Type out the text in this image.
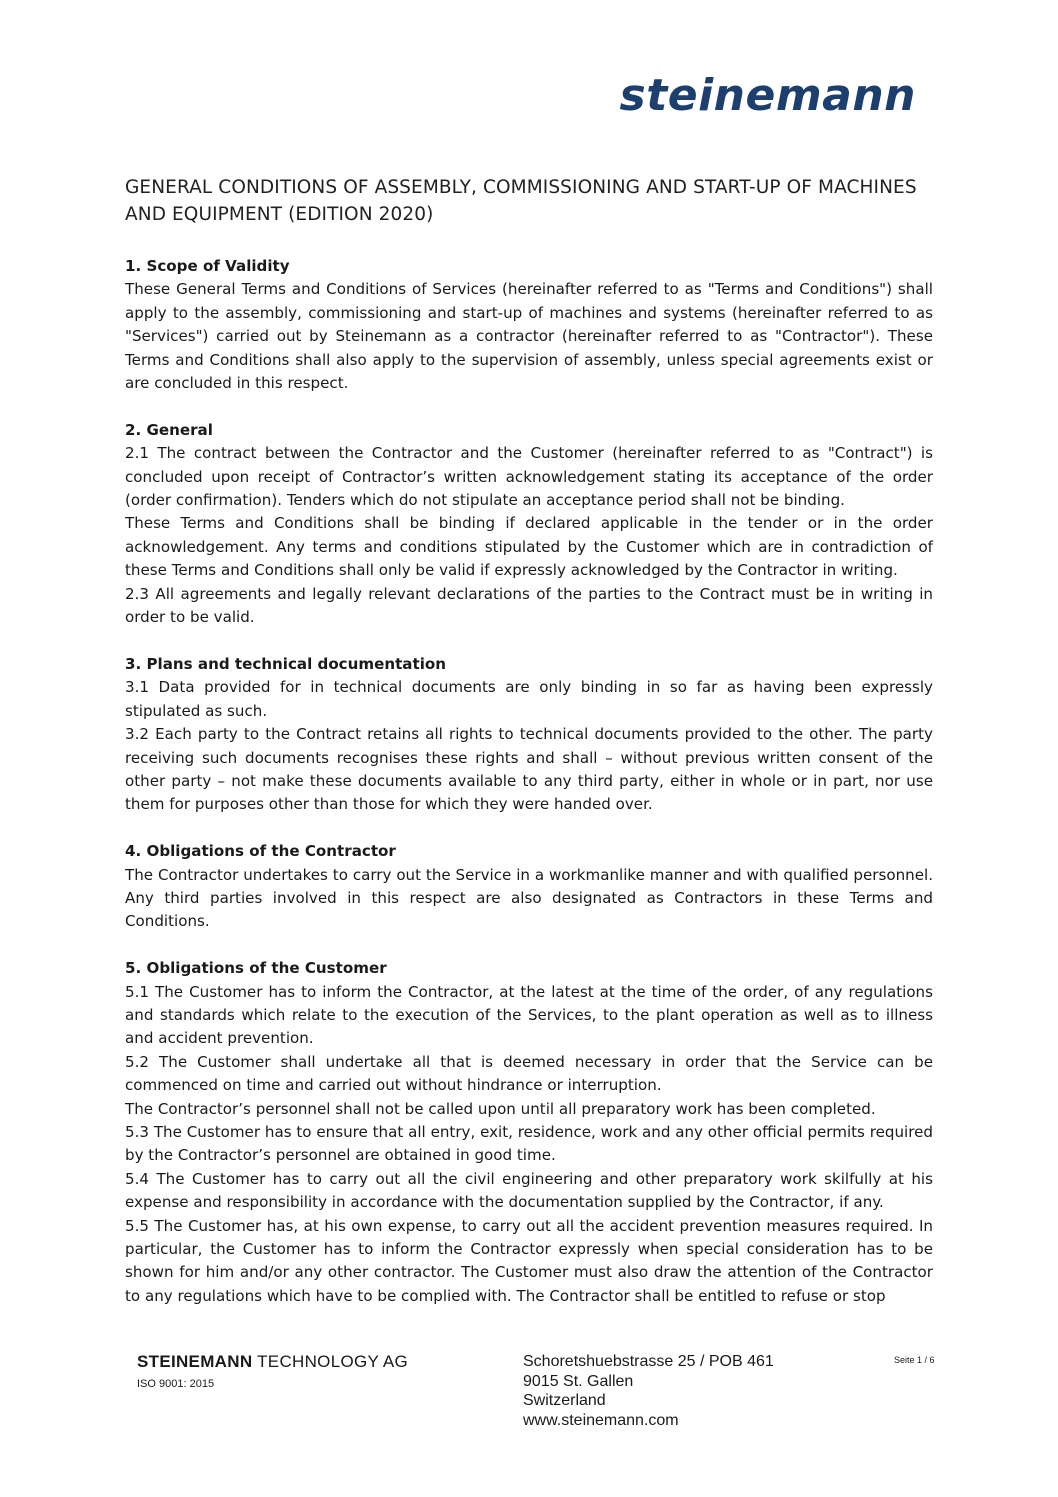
steinemann
GENERAL CONDITIONS OF ASSEMBLY, COMMISSIONING AND START-UP OF MACHINES AND EQUIPMENT (EDITION 2020)
1. Scope of Validity

These General Terms and Conditions of Services (hereinafter referred to as "Terms and Conditions") shall apply to the assembly, commissioning and start-up of machines and systems (hereinafter referred to as "Services") carried out by Steinemann as a contractor (hereinafter referred to as "Contractor"). These Terms and Conditions shall also apply to the supervision of assembly, unless special agreements exist or are concluded in this respect.

2. General

2.1 The contract between the Contractor and the Customer (hereinafter referred to as "Contract") is concluded upon receipt of Contractor’s written acknowledgement stating its acceptance of the order (order confirmation). Tenders which do not stipulate an acceptance period shall not be binding.

These Terms and Conditions shall be binding if declared applicable in the tender or in the order acknowledgement. Any terms and conditions stipulated by the Customer which are in contradiction of these Terms and Conditions shall only be valid if expressly acknowledged by the Contractor in writing.

2.3 All agreements and legally relevant declarations of the parties to the Contract must be in writing in order to be valid.

3. Plans and technical documentation

3.1 Data provided for in technical documents are only binding in so far as having been expressly stipulated as such.

3.2 Each party to the Contract retains all rights to technical documents provided to the other. The party receiving such documents recognises these rights and shall – without previous written consent of the other party – not make these documents available to any third party, either in whole or in part, nor use them for purposes other than those for which they were handed over.

4. Obligations of the Contractor

The Contractor undertakes to carry out the Service in a workmanlike manner and with qualified personnel. Any third parties involved in this respect are also designated as Contractors in these Terms and Conditions.

5. Obligations of the Customer

5.1 The Customer has to inform the Contractor, at the latest at the time of the order, of any regulations and standards which relate to the execution of the Services, to the plant operation as well as to illness and accident prevention.

5.2 The Customer shall undertake all that is deemed necessary in order that the Service can be commenced on time and carried out without hindrance or interruption.

The Contractor’s personnel shall not be called upon until all preparatory work has been completed.

5.3 The Customer has to ensure that all entry, exit, residence, work and any other official permits required by the Contractor’s personnel are obtained in good time.

5.4 The Customer has to carry out all the civil engineering and other preparatory work skilfully at his expense and responsibility in accordance with the documentation supplied by the Contractor, if any.

5.5 The Customer has, at his own expense, to carry out all the accident prevention measures required. In particular, the Customer has to inform the Contractor expressly when special consideration has to be shown for him and/or any other contractor. The Customer must also draw the attention of the Contractor to any regulations which have to be complied with. The Contractor shall be entitled to refuse or stop

STEINEMANN TECHNOLOGY AG
ISO 9001: 2015
Schoretshuebstrasse 25 / POB 461
9015 St. Gallen
Switzerland
www.steinemann.com
Seite 1 / 6
